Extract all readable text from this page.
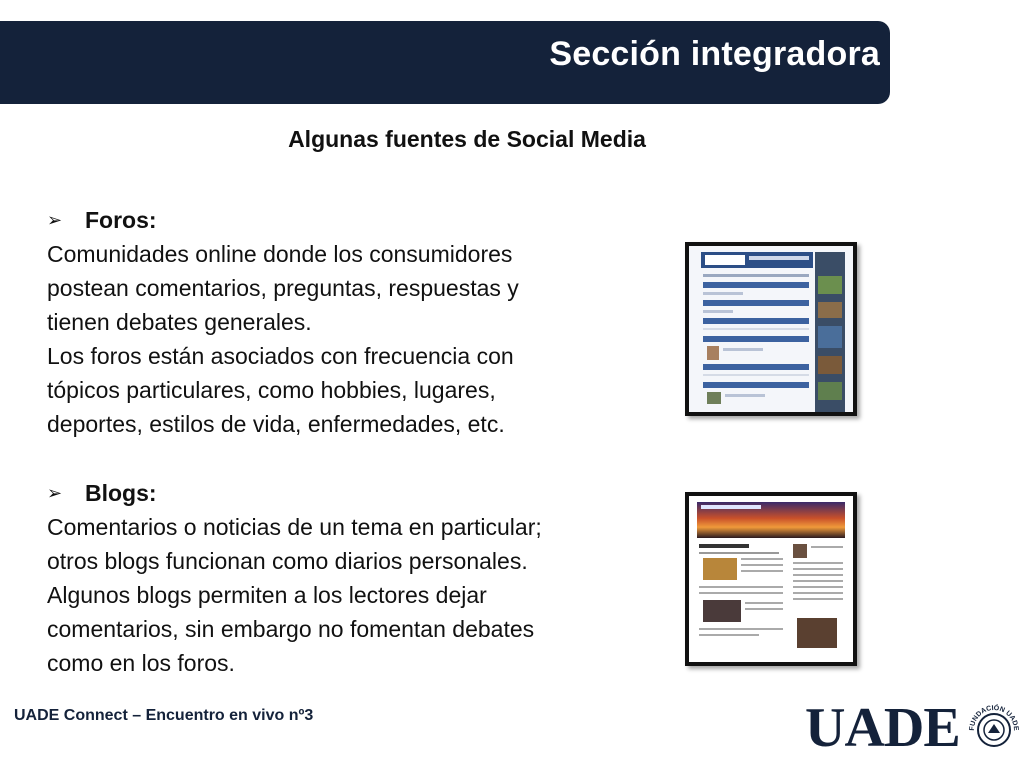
Sección integradora
Algunas fuentes de Social Media
➢ Foros:

Comunidades online donde los consumidores

postean comentarios, preguntas, respuestas y

tienen debates generales.

Los foros están asociados con frecuencia con

tópicos particulares, como hobbies, lugares,

deportes, estilos de vida, enfermedades, etc.

➢ Blogs:

Comentarios o noticias de un tema en particular;

otros blogs funcionan como diarios personales.

Algunos blogs permiten a los lectores dejar

comentarios, sin embargo no fomentan debates

como en los foros.

UADE Connect – Encuentro en vivo nº3	UADE FUNDACIÓN UADE
